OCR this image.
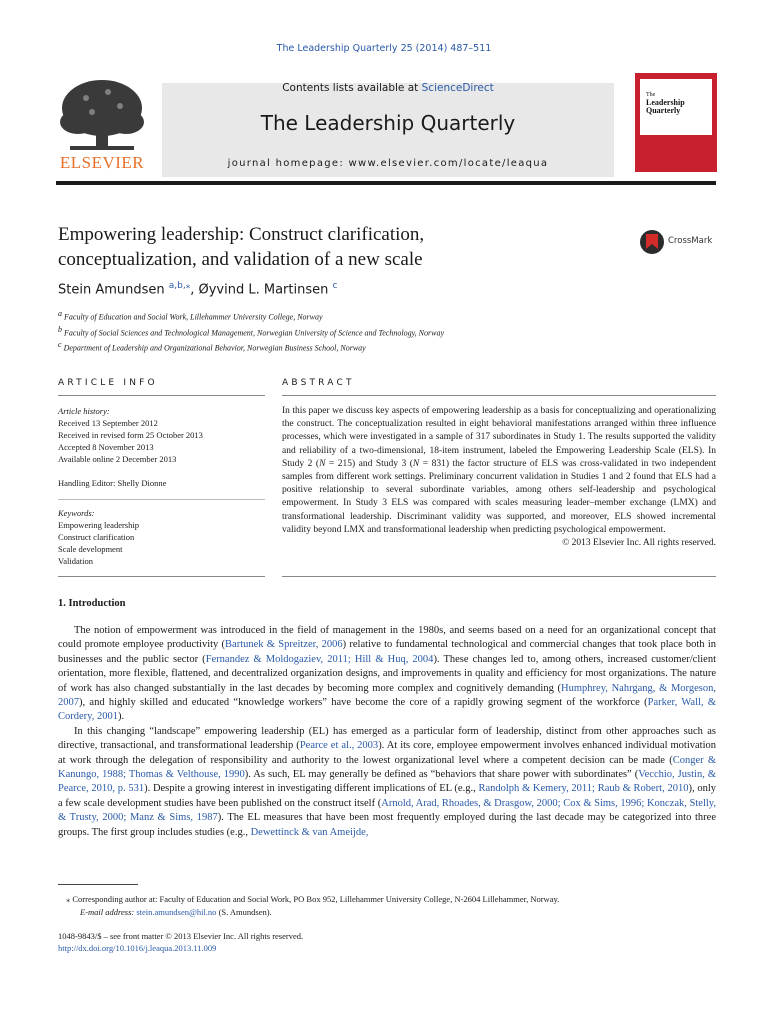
The Leadership Quarterly 25 (2014) 487–511
Contents lists available at ScienceDirect
The Leadership Quarterly
journal homepage: www.elsevier.com/locate/leaqua
ELSEVIER
The
Leadership
Quarterly
Empowering leadership: Construct clarification,
conceptualization, and validation of a new scale
CrossMark
Stein Amundsen $^{a,b,⁎}$, Øyvind L. Martinsen $^c$
$^a$ Faculty of Education and Social Work, Lillehammer University College, Norway
$^b$ Faculty of Social Sciences and Technological Management, Norwegian University of Science and Technology, Norway
$^c$ Department of Leadership and Organizational Behavior, Norwegian Business School, Norway
ARTICLE INFO	ABSTRACT
Article history:
Received 13 September 2012
Received in revised form 25 October 2013
Accepted 8 November 2013
Available online 2 December 2013
Handling Editor: Shelly Dionne
Keywords:
Empowering leadership
Construct clarification
Scale development
Validation
In this paper we discuss key aspects of empowering leadership as a basis for conceptualizing and operationalizing the construct. The conceptualization resulted in eight behavioral manifestations arranged within three influence processes, which were investigated in a sample of 317 subordinates in Study 1. The results supported the validity and reliability of a two-dimensional, 18-item instrument, labeled the Empowering Leadership Scale (ELS). In Study 2 (N = 215) and Study 3 (N = 831) the factor structure of ELS was cross-validated in two independent samples from different work settings. Preliminary concurrent validation in Studies 1 and 2 found that ELS had a positive relationship to several subordinate variables, among others self-leadership and psychological empowerment. In Study 3 ELS was compared with scales measuring leader–member exchange (LMX) and transformational leadership. Discriminant validity was supported, and moreover, ELS showed incremental validity beyond LMX and transformational leadership when predicting psychological empowerment.
© 2013 Elsevier Inc. All rights reserved.
1. Introduction

The notion of empowerment was introduced in the field of management in the 1980s, and seems based on a need for an organizational concept that could promote employee productivity (Bartunek & Spreitzer, 2006) relative to fundamental technological and commercial changes that took place both in businesses and the public sector (Fernandez & Moldogaziev, 2011; Hill & Huq, 2004). These changes led to, among others, increased customer/client orientation, more flexible, flattened, and decentralized organization designs, and improvements in quality and efficiency for most organizations. The nature of work has also changed substantially in the last decades by becoming more complex and cognitively demanding (Humphrey, Nahrgang, & Morgeson, 2007), and highly skilled and educated “knowledge workers” have become the core of a rapidly growing segment of the workforce (Parker, Wall, & Cordery, 2001).

In this changing “landscape” empowering leadership (EL) has emerged as a particular form of leadership, distinct from other approaches such as directive, transactional, and transformational leadership (Pearce et al., 2003). At its core, employee empowerment involves enhanced individual motivation at work through the delegation of responsibility and authority to the lowest organizational level where a competent decision can be made (Conger & Kanungo, 1988; Thomas & Velthouse, 1990). As such, EL may generally be defined as “behaviors that share power with subordinates” (Vecchio, Justin, & Pearce, 2010, p. 531). Despite a growing interest in investigating different implications of EL (e.g., Randolph & Kemery, 2011; Raub & Robert, 2010), only a few scale development studies have been published on the construct itself (Arnold, Arad, Rhoades, & Drasgow, 2000; Cox & Sims, 1996; Konczak, Stelly, & Trusty, 2000; Manz & Sims, 1987). The EL measures that have been most frequently employed during the last decade may be categorized into three groups. The first group includes studies (e.g., Dewettinck & van Ameijde,

⁎ Corresponding author at: Faculty of Education and Social Work, PO Box 952, Lillehammer University College, N-2604 Lillehammer, Norway.
E-mail address: stein.amundsen@hil.no (S. Amundsen).
1048-9843/$ – see front matter © 2013 Elsevier Inc. All rights reserved.
http://dx.doi.org/10.1016/j.leaqua.2013.11.009
